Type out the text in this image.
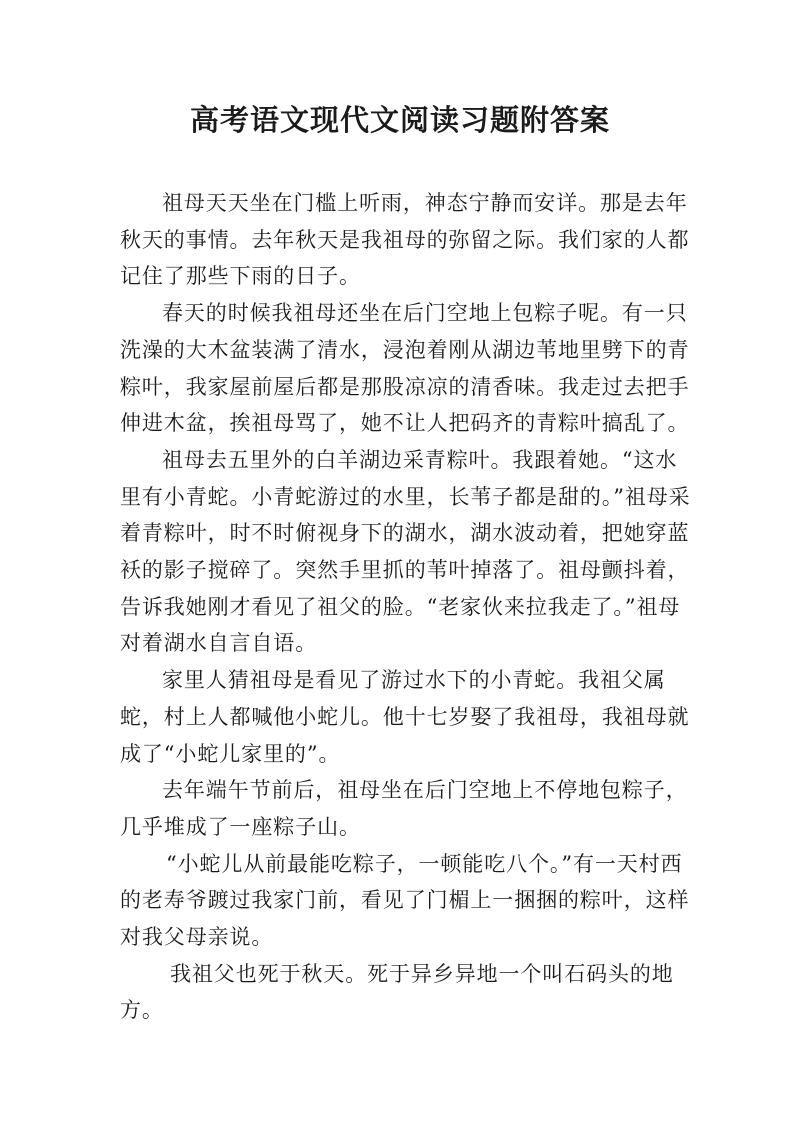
高考语文现代文阅读习题附答案

祖母天天坐在门槛上听雨，神态宁静而安详。那是去年秋天的事情。去年秋天是我祖母的弥留之际。我们家的人都记住了那些下雨的日子。

春天的时候我祖母还坐在后门空地上包粽子呢。有一只洗澡的大木盆装满了清水，浸泡着刚从湖边苇地里劈下的青粽叶，我家屋前屋后都是那股凉凉的清香味。我走过去把手伸进木盆，挨祖母骂了，她不让人把码齐的青粽叶搞乱了。

祖母去五里外的白羊湖边采青粽叶。我跟着她。“这水里有小青蛇。小青蛇游过的水里，长苇子都是甜的。”祖母采着青粽叶，时不时俯视身下的湖水，湖水波动着，把她穿蓝袄的影子搅碎了。突然手里抓的苇叶掉落了。祖母颤抖着，告诉我她刚才看见了祖父的脸。“老家伙来拉我走了。”祖母对着湖水自言自语。

家里人猜祖母是看见了游过水下的小青蛇。我祖父属蛇，村上人都喊他小蛇儿。他十七岁娶了我祖母，我祖母就成了“小蛇儿家里的”。

去年端午节前后，祖母坐在后门空地上不停地包粽子，几乎堆成了一座粽子山。

“小蛇儿从前最能吃粽子，一顿能吃八个。”有一天村西的老寿爷踱过我家门前，看见了门楣上一捆捆的粽叶，这样对我父母亲说。

我祖父也死于秋天。死于异乡异地一个叫石码头的地方。
